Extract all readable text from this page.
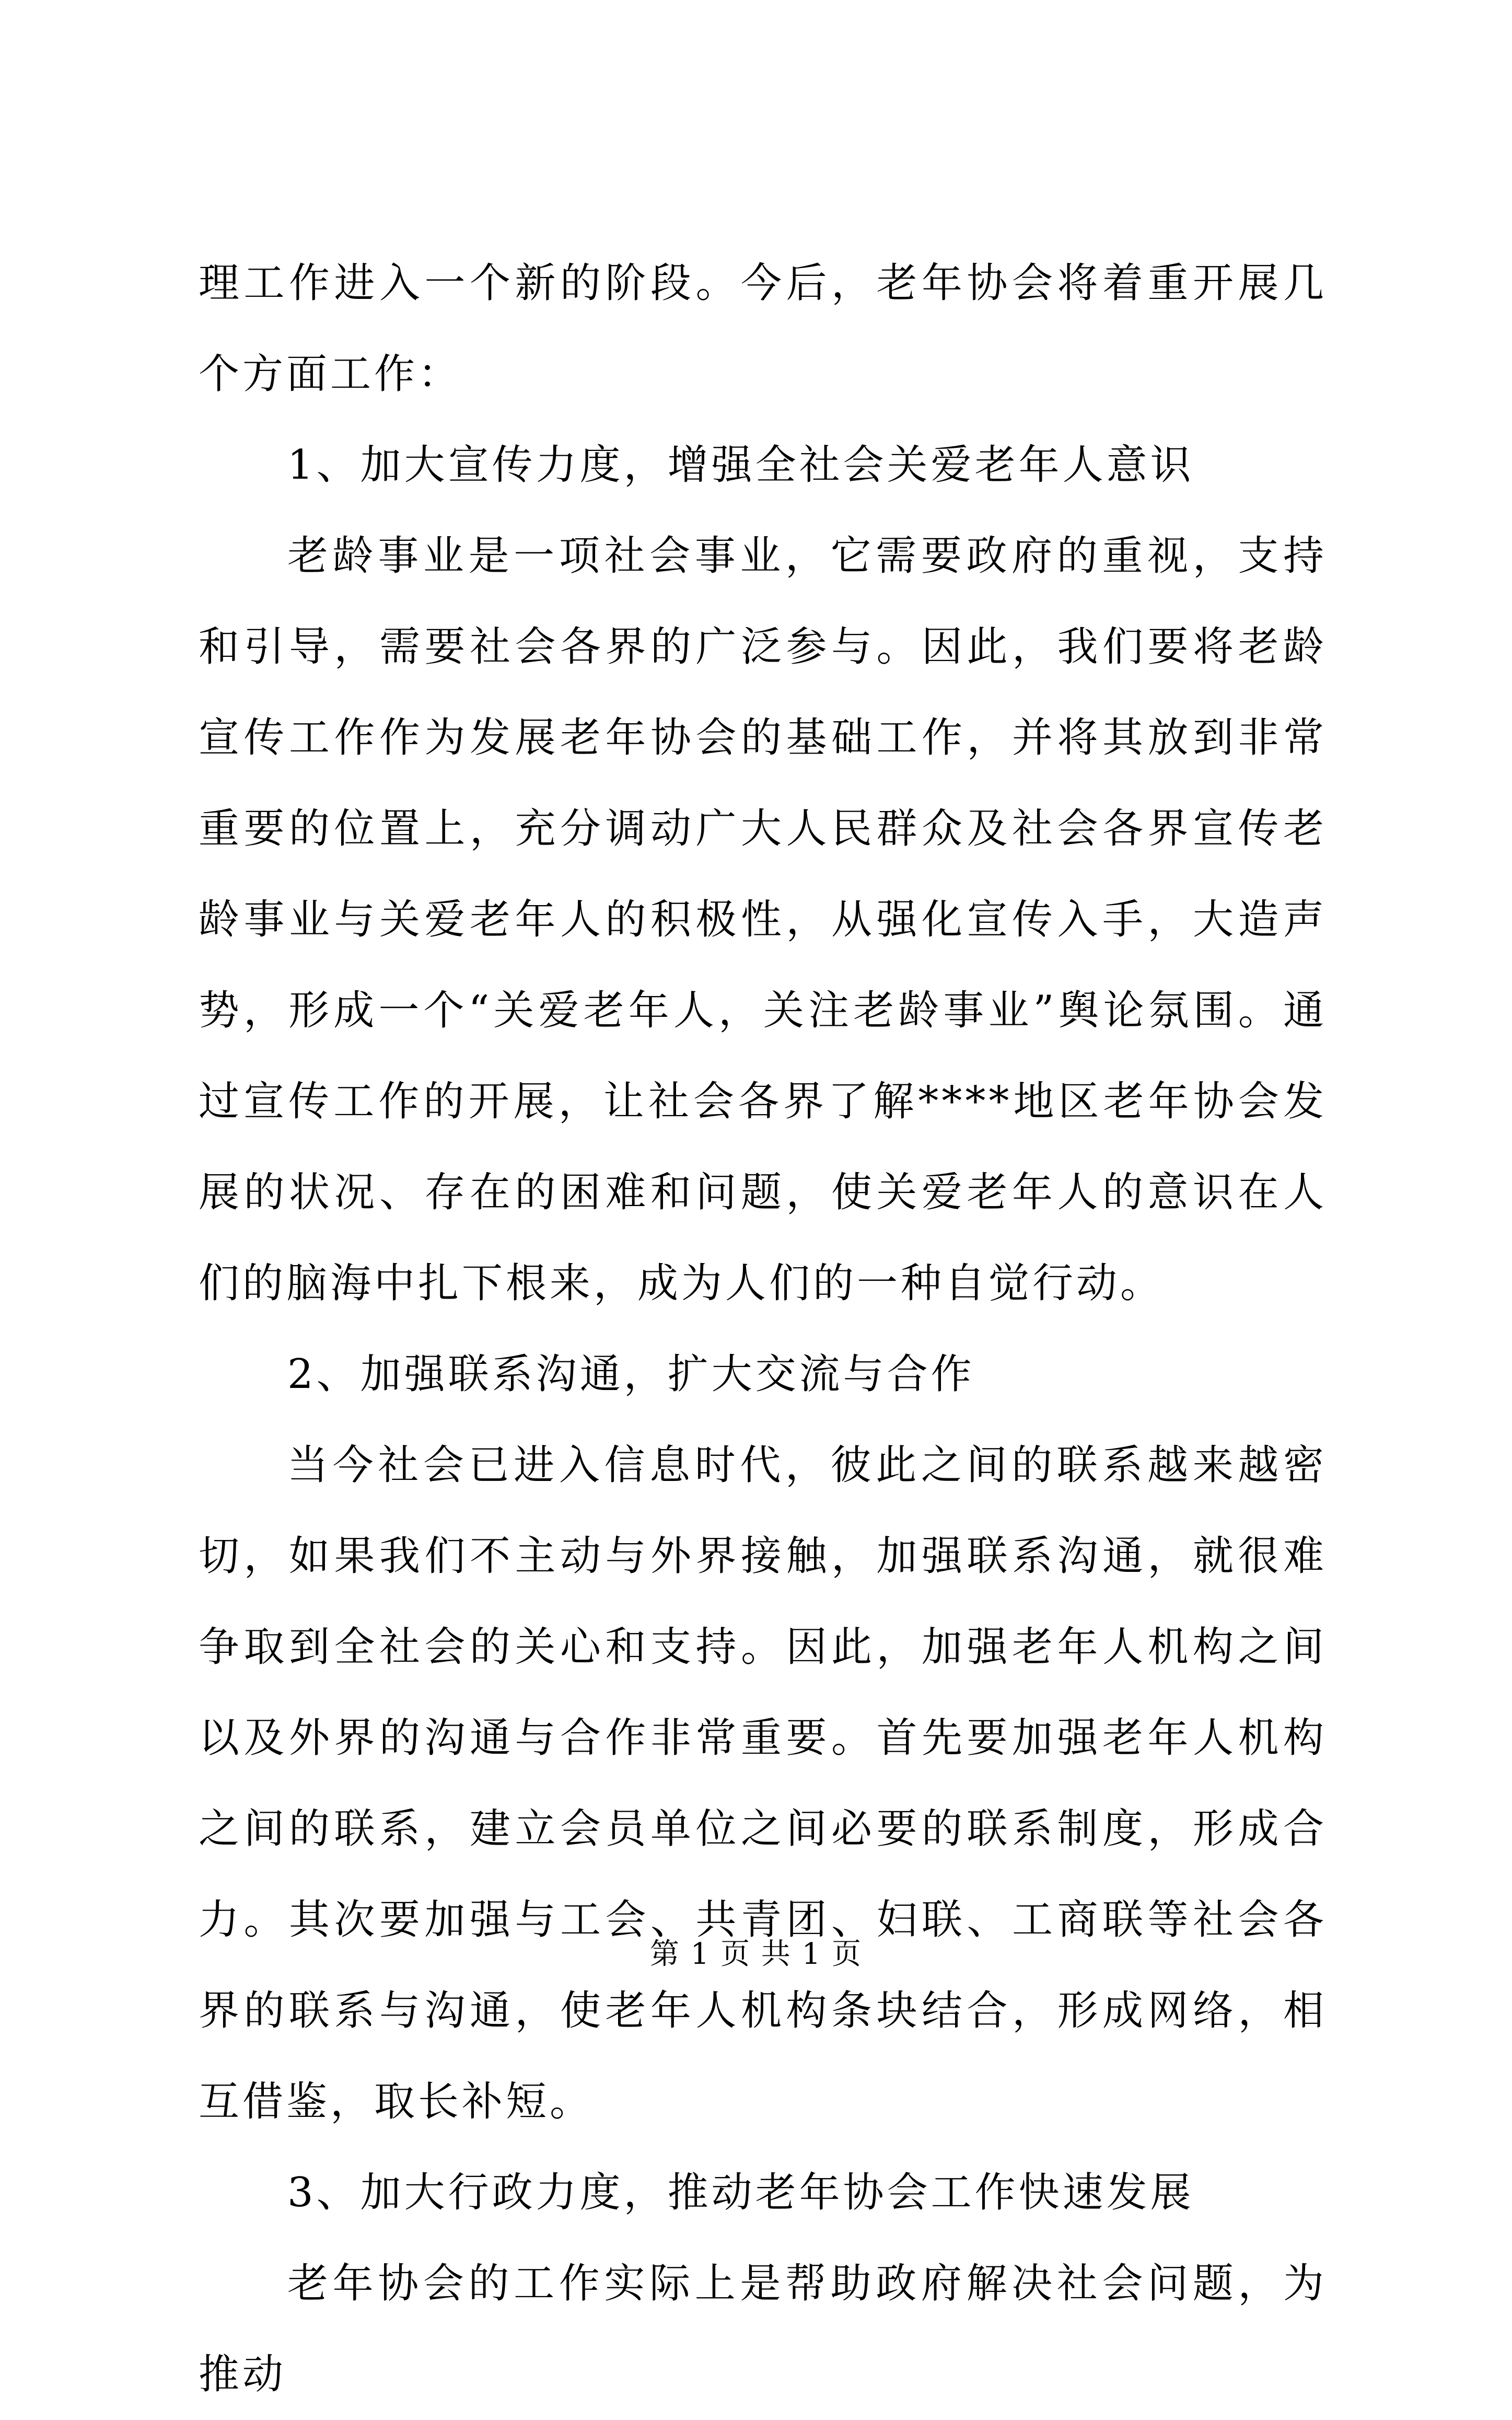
理工作进入一个新的阶段。今后，老年协会将着重开展几个方面工作：

1、加大宣传力度，增强全社会关爱老年人意识

老龄事业是一项社会事业，它需要政府的重视，支持和引导，需要社会各界的广泛参与。因此，我们要将老龄宣传工作作为发展老年协会的基础工作，并将其放到非常重要的位置上，充分调动广大人民群众及社会各界宣传老龄事业与关爱老年人的积极性，从强化宣传入手，大造声势，形成一个“关爱老年人，关注老龄事业”舆论氛围。通过宣传工作的开展，让社会各界了解****地区老年协会发展的状况、存在的困难和问题，使关爱老年人的意识在人们的脑海中扎下根来，成为人们的一种自觉行动。

2、加强联系沟通，扩大交流与合作

当今社会已进入信息时代，彼此之间的联系越来越密切，如果我们不主动与外界接触，加强联系沟通，就很难争取到全社会的关心和支持。因此，加强老年人机构之间以及外界的沟通与合作非常重要。首先要加强老年人机构之间的联系，建立会员单位之间必要的联系制度，形成合力。其次要加强与工会、共青团、妇联、工商联等社会各界的联系与沟通，使老年人机构条块结合，形成网络，相互借鉴，取长补短。

3、加大行政力度，推动老年协会工作快速发展

老年协会的工作实际上是帮助政府解决社会问题，为推动

第 1 页 共 1 页
